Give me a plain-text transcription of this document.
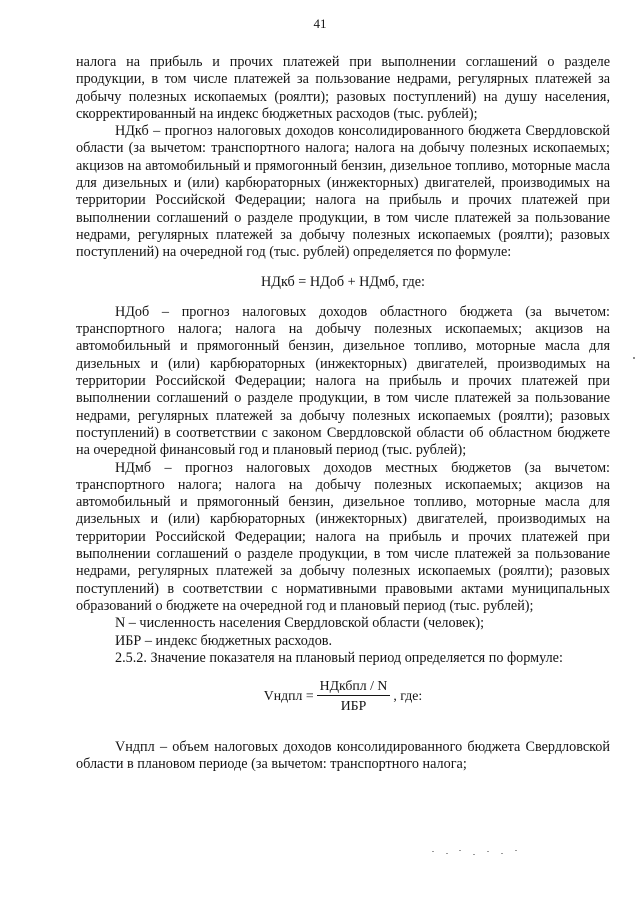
41

налога на прибыль и прочих платежей при выполнении соглашений о разделе продукции, в том числе платежей за пользование недрами, регулярных платежей за добычу полезных ископаемых (роялти); разовых поступлений) на душу населения, скорректированный на индекс бюджетных расходов (тыс. рублей);

НДкб – прогноз налоговых доходов консолидированного бюджета Свердловской области (за вычетом: транспортного налога; налога на добычу полезных ископаемых; акцизов на автомобильный и прямогонный бензин, дизельное топливо, моторные масла для дизельных и (или) карбюраторных (инжекторных) двигателей, производимых на территории Российской Федерации; налога на прибыль и прочих платежей при выполнении соглашений о разделе продукции, в том числе платежей за пользование недрами, регулярных платежей за добычу полезных ископаемых (роялти); разовых поступлений) на очередной год (тыс. рублей) определяется по формуле:

НДкб = НДоб + НДмб, где:

НДоб – прогноз налоговых доходов областного бюджета (за вычетом: транспортного налога; налога на добычу полезных ископаемых; акцизов на автомобильный и прямогонный бензин, дизельное топливо, моторные масла для дизельных и (или) карбюраторных (инжекторных) двигателей, производимых на территории Российской Федерации; налога на прибыль и прочих платежей при выполнении соглашений о разделе продукции, в том числе платежей за пользование недрами, регулярных платежей за добычу полезных ископаемых (роялти); разовых поступлений) в соответствии с законом Свердловской области об областном бюджете на очередной финансовый год и плановый период (тыс. рублей);

НДмб – прогноз налоговых доходов местных бюджетов (за вычетом: транспортного налога; налога на добычу полезных ископаемых; акцизов на автомобильный и прямогонный бензин, дизельное топливо, моторные масла для дизельных и (или) карбюраторных (инжекторных) двигателей, производимых на территории Российской Федерации; налога на прибыль и прочих платежей при выполнении соглашений о разделе продукции, в том числе платежей за пользование недрами, регулярных платежей за добычу полезных ископаемых (роялти); разовых поступлений) в соответствии с нормативными правовыми актами муниципальных образований о бюджете на очередной год и плановый период (тыс. рублей);

N – численность населения Свердловской области (человек);

ИБР – индекс бюджетных расходов.

2.5.2. Значение показателя на плановый период определяется по формуле:

Vндпл = $\frac{\text{НДкбпл / N}}{\text{ИБР}}$ , где:

Vндпл – объем налоговых доходов консолидированного бюджета Свердловской области в плановом периоде (за вычетом: транспортного налога;
